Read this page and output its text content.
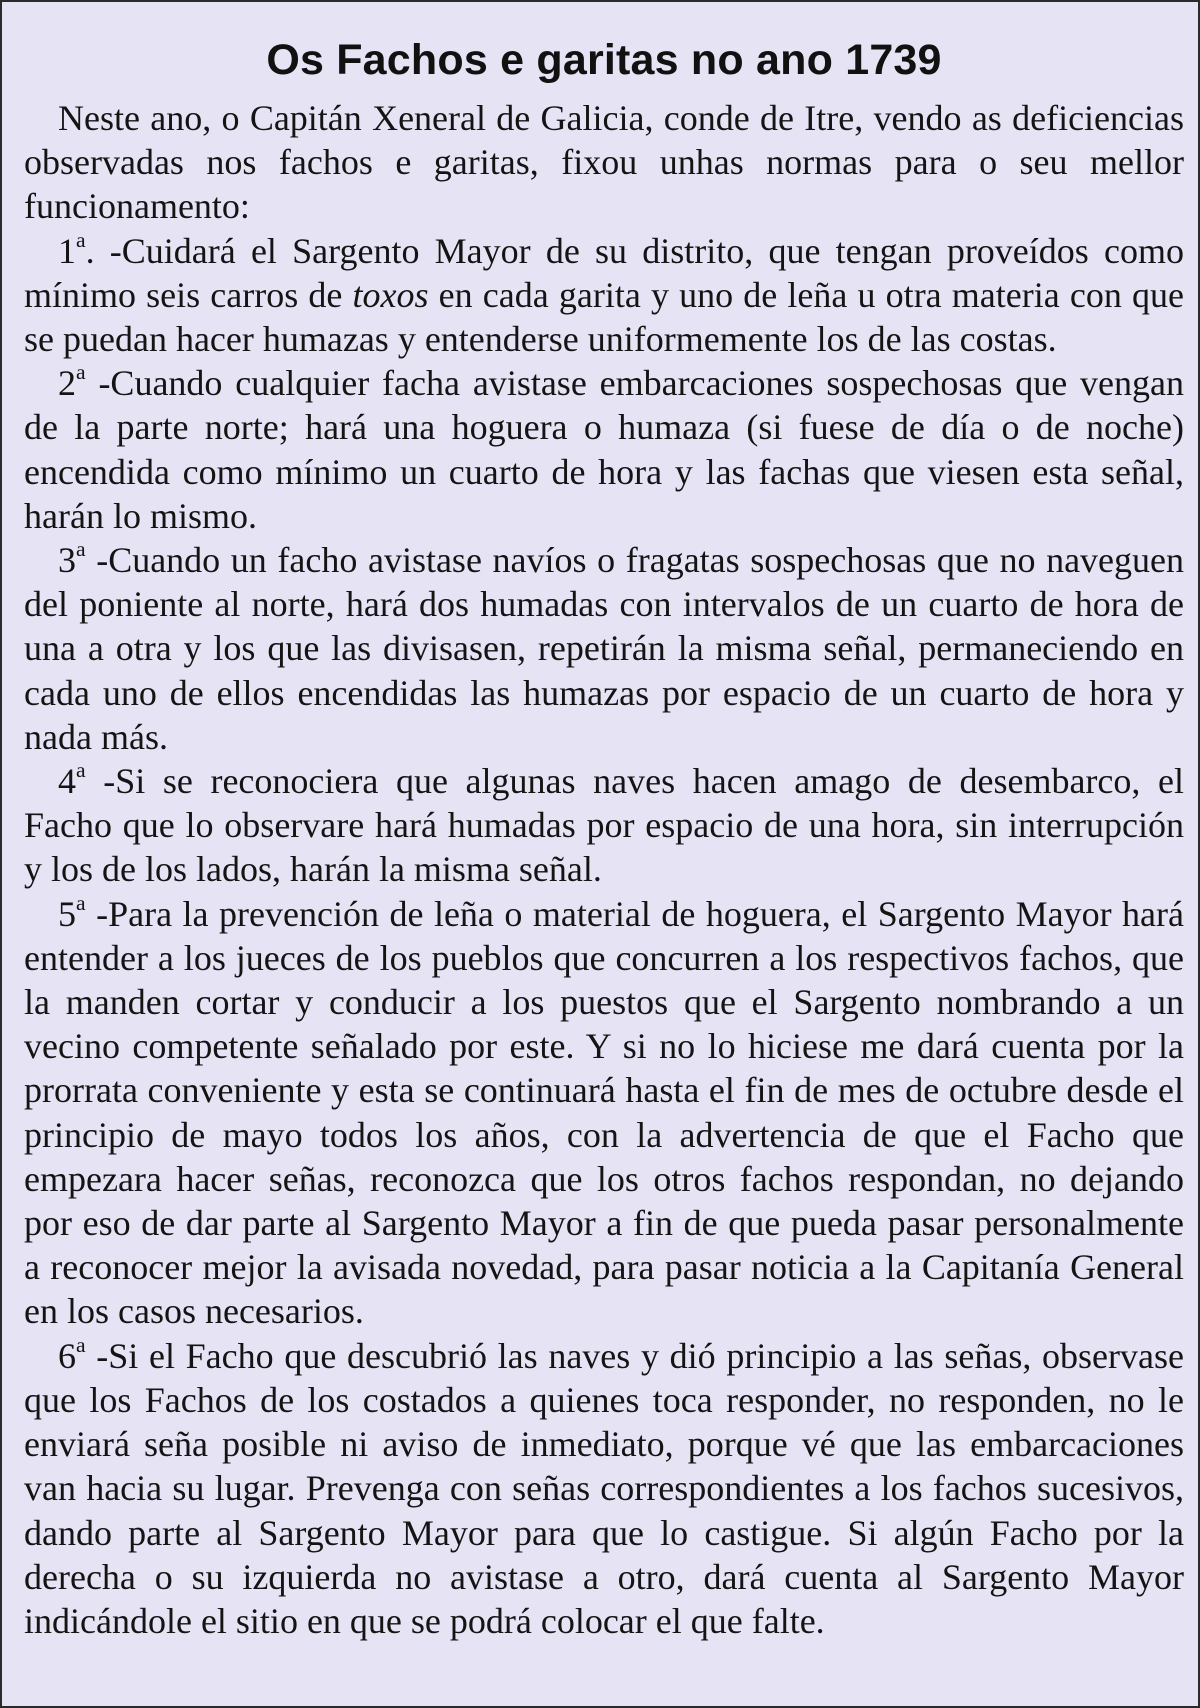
Os Fachos e garitas no ano 1739

Neste ano, o Capitán Xeneral de Galicia, conde de Itre, vendo as deficiencias observadas nos fachos e garitas, fixou unhas normas para o seu mellor funcionamento:

1$^a$. -Cuidará el Sargento Mayor de su distrito, que tengan proveídos como mínimo seis carros de toxos en cada garita y uno de leña u otra materia con que se puedan hacer humazas y entenderse uniformemente los de las costas.

2$^a$ -Cuando cualquier facha avistase embarcaciones sospechosas que vengan de la parte norte; hará una hoguera o humaza (si fuese de día o de noche) encendida como mínimo un cuarto de hora y las fachas que viesen esta señal, harán lo mismo.

3$^a$ -Cuando un facho avistase navíos o fragatas sospechosas que no naveguen del poniente al norte, hará dos humadas con intervalos de un cuarto de hora de una a otra y los que las divisasen, repetirán la misma señal, permaneciendo en cada uno de ellos encendidas las humazas por espacio de un cuarto de hora y nada más.

4$^a$ -Si se reconociera que algunas naves hacen amago de desembarco, el Facho que lo observare hará humadas por espacio de una hora, sin interrupción y los de los lados, harán la misma señal.

5$^a$ -Para la prevención de leña o material de hoguera, el Sargento Mayor hará entender a los jueces de los pueblos que concurren a los respectivos fachos, que la manden cortar y conducir a los puestos que el Sargento nombrando a un vecino competente señalado por este. Y si no lo hiciese me dará cuenta por la prorrata conveniente y esta se continuará hasta el fin de mes de octubre desde el principio de mayo todos los años, con la advertencia de que el Facho que empezara hacer señas, reconozca que los otros fachos respondan, no dejando por eso de dar parte al Sargento Mayor a fin de que pueda pasar personalmente a reconocer mejor la avisada novedad, para pasar noticia a la Capitanía General en los casos necesarios.

6$^a$ -Si el Facho que descubrió las naves y dió principio a las señas, observase que los Fachos de los costados a quienes toca responder, no responden, no le enviará seña posible ni aviso de inmediato, porque vé que las embarcaciones van hacia su lugar. Prevenga con señas correspondientes a los fachos sucesivos, dando parte al Sargento Mayor para que lo castigue. Si algún Facho por la derecha o su izquierda no avistase a otro, dará cuenta al Sargento Mayor indicándole el sitio en que se podrá colocar el que falte.
